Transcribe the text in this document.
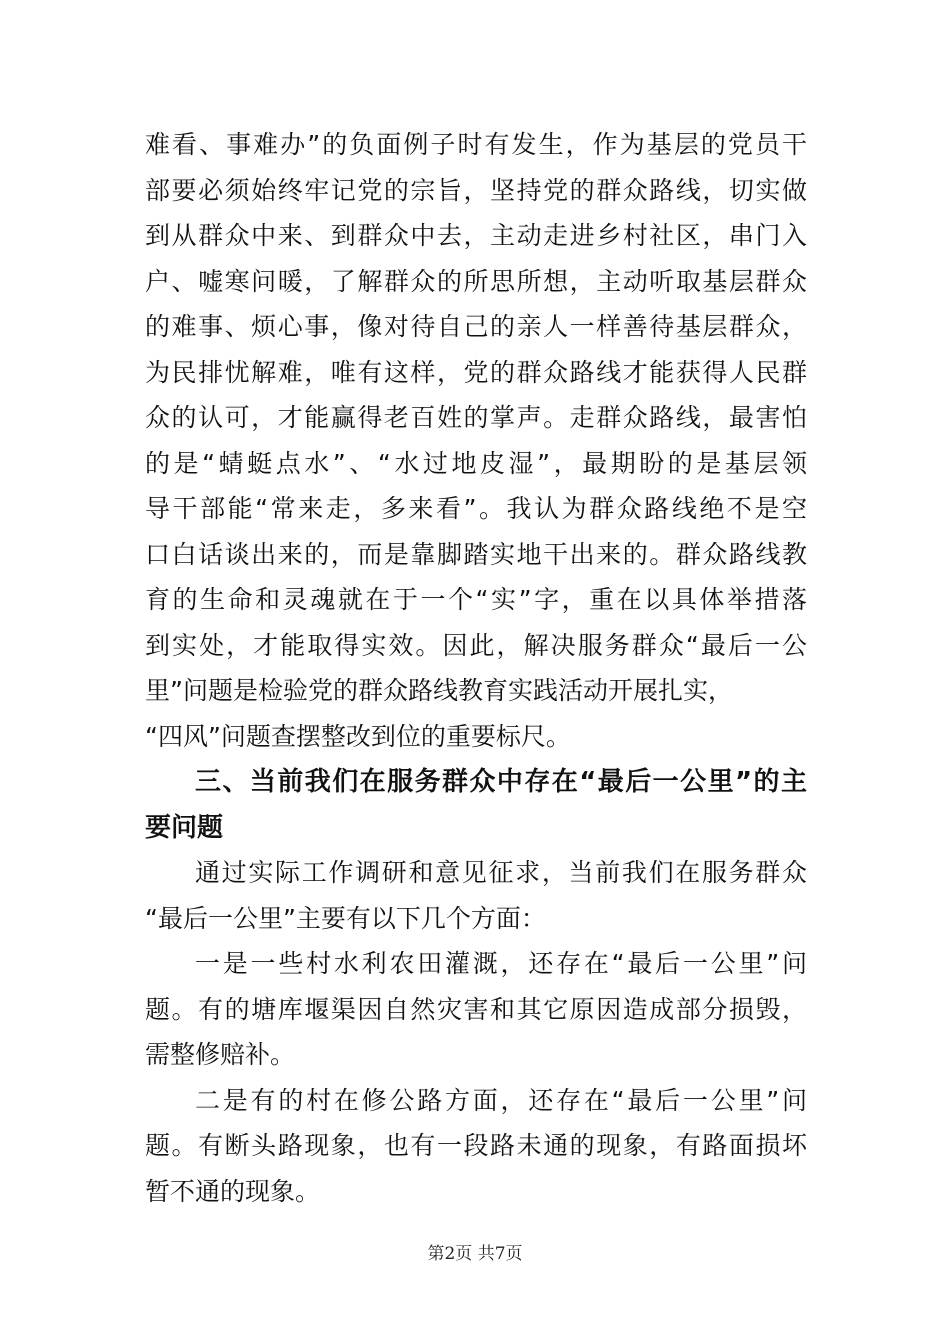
难看、事难办”的负面例子时有发生，作为基层的党员干
部要必须始终牢记党的宗旨，坚持党的群众路线，切实做
到从群众中来、到群众中去，主动走进乡村社区，串门入
户、嘘寒问暖，了解群众的所思所想，主动听取基层群众
的难事、烦心事，像对待自己的亲人一样善待基层群众，
为民排忧解难，唯有这样，党的群众路线才能获得人民群
众的认可，才能赢得老百姓的掌声。走群众路线，最害怕
的是“蜻蜓点水”、“水过地皮湿”，最期盼的是基层领
导干部能“常来走，多来看”。我认为群众路线绝不是空
口白话谈出来的，而是靠脚踏实地干出来的。群众路线教
育的生命和灵魂就在于一个“实”字，重在以具体举措落
到实处，才能取得实效。因此，解决服务群众“最后一公
里”问题是检验党的群众路线教育实践活动开展扎实，
“四风”问题查摆整改到位的重要标尺。
三、当前我们在服务群众中存在“最后一公里”的主
要问题
通过实际工作调研和意见征求，当前我们在服务群众
“最后一公里”主要有以下几个方面：
一是一些村水利农田灌溉，还存在“最后一公里”问
题。有的塘库堰渠因自然灾害和其它原因造成部分损毁，
需整修赔补。
二是有的村在修公路方面，还存在“最后一公里”问
题。有断头路现象，也有一段路未通的现象，有路面损坏
暂不通的现象。
第2页 共7页
